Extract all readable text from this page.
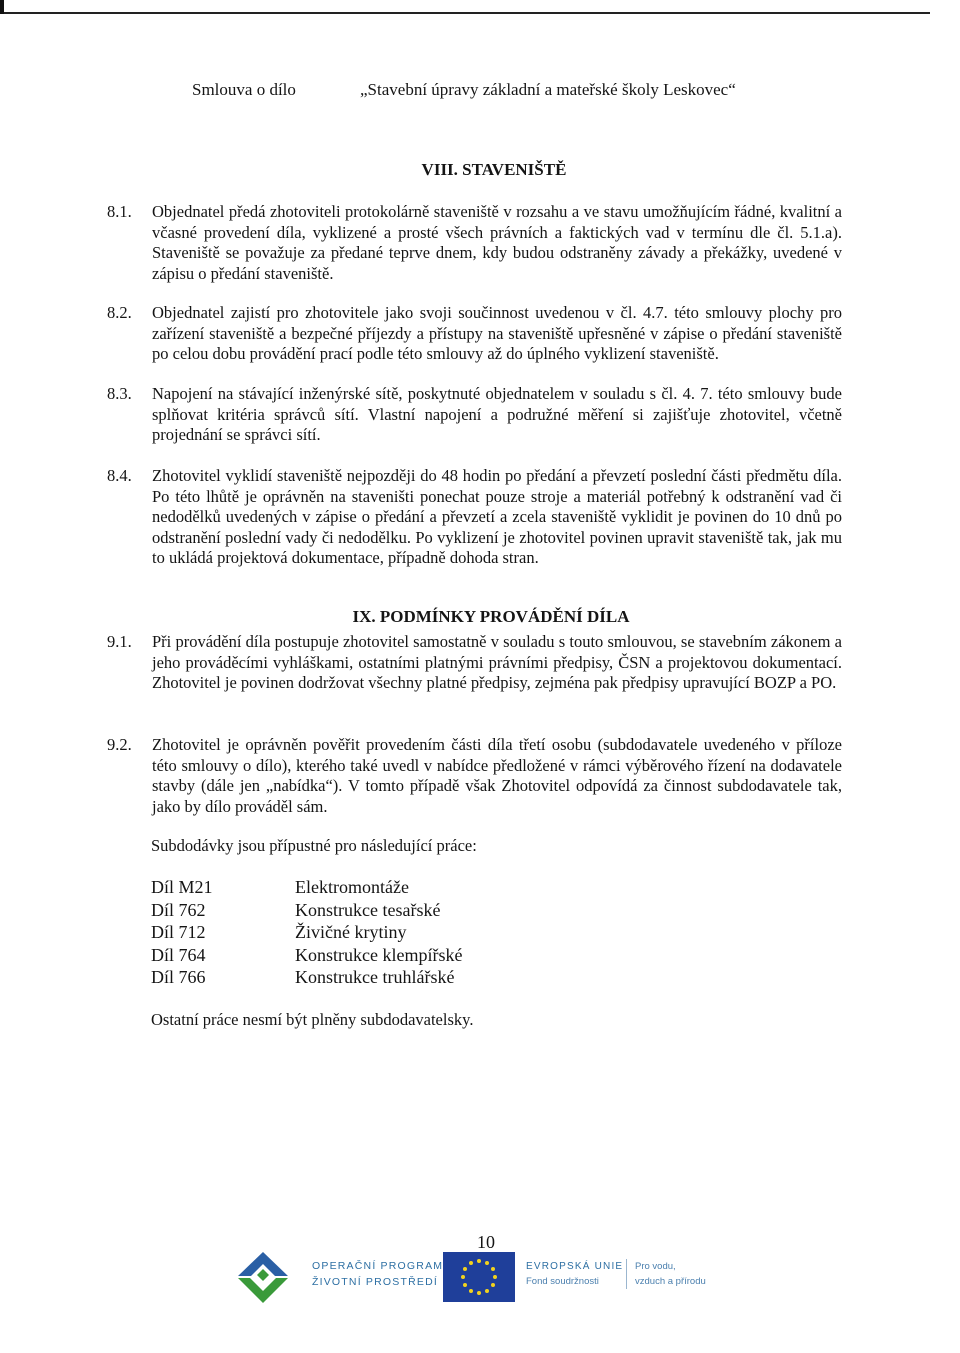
Smlouva o dílo	„Stavební úpravy základní a mateřské školy Leskovec“
VIII. STAVENIŠTĚ
8.1.	Objednatel předá zhotoviteli protokolárně staveniště v rozsahu a ve stavu umožňujícím řádné, kvalitní a včasné provedení díla, vyklizené a prosté všech právních a faktických vad v termínu dle čl. 5.1.a). Staveniště se považuje za předané teprve dnem, kdy budou odstraněny závady a překážky, uvedené v zápisu o předání staveniště.
8.2.	Objednatel zajistí pro zhotovitele jako svoji součinnost uvedenou v čl. 4.7. této smlouvy plochy pro zařízení staveniště a bezpečné příjezdy a přístupy na staveniště upřesněné v zápise o předání staveniště po celou dobu provádění prací podle této smlouvy až do úplného vyklizení staveniště.
8.3.	Napojení na stávající inženýrské sítě, poskytnuté objednatelem v souladu s čl. 4. 7. této smlouvy bude splňovat kritéria správců sítí. Vlastní napojení a podružné měření si zajišťuje zhotovitel, včetně projednání se správci sítí.
8.4.	Zhotovitel vyklidí staveniště nejpozději do 48 hodin po předání a převzetí poslední části předmětu díla. Po této lhůtě je oprávněn na staveništi ponechat pouze stroje a materiál potřebný k odstranění vad či nedodělků uvedených v zápise o předání a převzetí a zcela staveniště vyklidit je povinen do 10 dnů po odstranění poslední vady či nedodělku. Po vyklizení je zhotovitel povinen upravit staveniště tak, jak mu to ukládá projektová dokumentace, případně dohoda stran.
IX. PODMÍNKY PROVÁDĚNÍ DÍLA
9.1.	Při provádění díla postupuje zhotovitel samostatně v souladu s touto smlouvou, se stavebním zákonem a jeho prováděcími vyhláškami, ostatními platnými právními předpisy, ČSN a projektovou dokumentací. Zhotovitel je povinen dodržovat všechny platné předpisy, zejména pak předpisy upravující BOZP a PO.
9.2.	Zhotovitel je oprávněn pověřit provedením části díla třetí osobu (subdodavatele uvedeného v příloze této smlouvy o dílo), kterého také uvedl v nabídce předložené v rámci výběrového řízení na dodavatele stavby (dále jen „nabídka“). V tomto případě však Zhotovitel odpovídá za činnost subdodavatele tak, jako by dílo prováděl sám.
Subdodávky jsou přípustné pro následující práce:
Díl M21	Elektromontáže
Díl 762	Konstrukce tesařské
Díl 712	Živičné krytiny
Díl 764	Konstrukce klempířské
Díl 766	Konstrukce truhlářské
Ostatní práce nesmí být plněny subdodavatelsky.
10
OPERAČNÍ PROGRAM
ŽIVOTNÍ PROSTŘEDÍ
EVROPSKÁ UNIE
Fond soudržnosti
Pro vodu,
vzduch a přírodu
